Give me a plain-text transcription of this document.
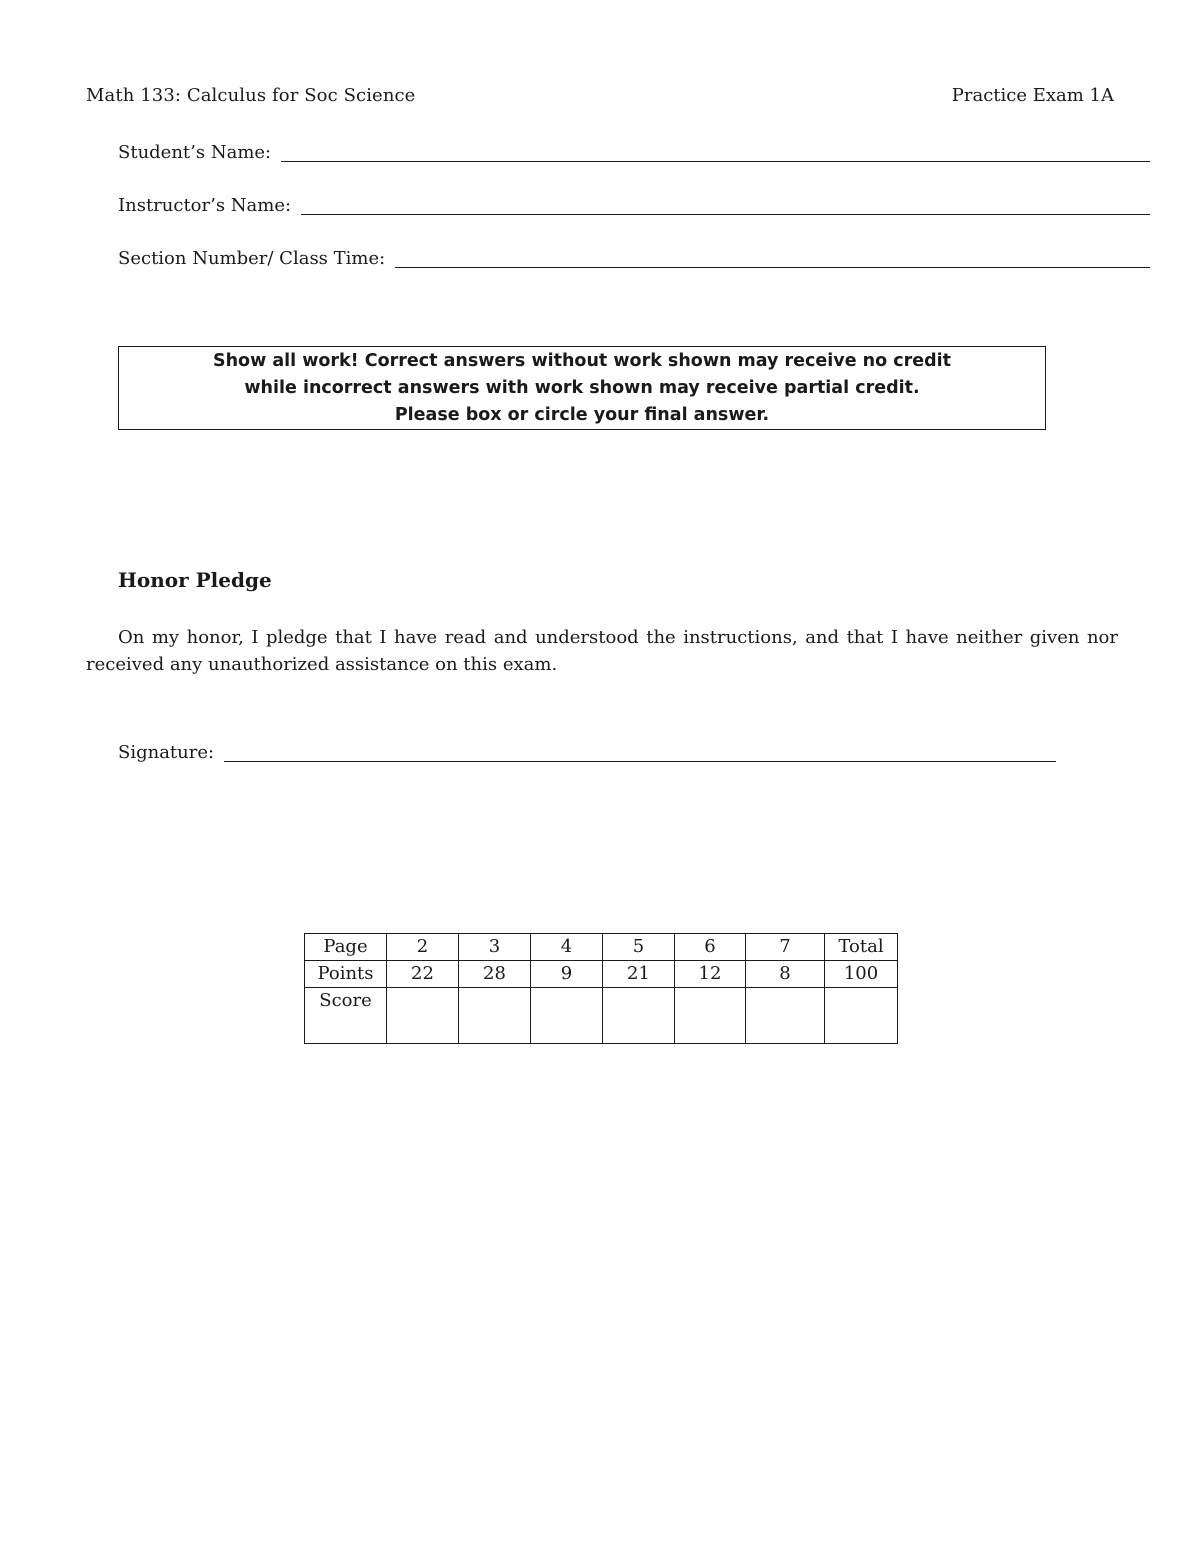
Math 133: Calculus for Soc Science	Practice Exam 1A
Student’s Name:
Instructor’s Name:
Section Number/ Class Time:
Show all work! Correct answers without work shown may receive no credit
while incorrect answers with work shown may receive partial credit.
Please box or circle your final answer.
Honor Pledge
On my honor, I pledge that I have read and understood the instructions, and that I have neither given nor received any unauthorized assistance on this exam.
Signature:
Page	2	3	4	5	6	7	Total
Points	22	28	9	21	12	8	100
Score							
